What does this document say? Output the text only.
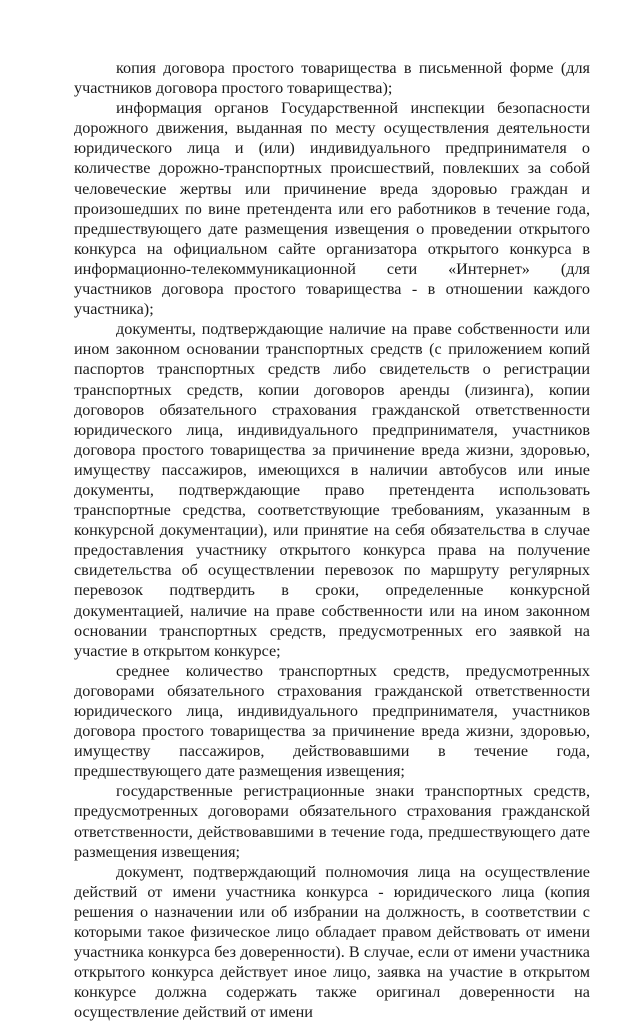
копия договора простого товарищества в письменной форме (для участников договора простого товарищества);

информация органов Государственной инспекции безопасности дорожного движения, выданная по месту осуществления деятельности юридического лица и (или) индивидуального предпринимателя о количестве дорожно-транспортных происшествий, повлекших за собой человеческие жертвы или причинение вреда здоровью граждан и произошедших по вине претендента или его работников в течение года, предшествующего дате размещения извещения о проведении открытого конкурса на официальном сайте организатора открытого конкурса в информационно-телекоммуникационной сети «Интернет» (для участников договора простого товарищества - в отношении каждого участника);

документы, подтверждающие наличие на праве собственности или ином законном основании транспортных средств (с приложением копий паспортов транспортных средств либо свидетельств о регистрации транспортных средств, копии договоров аренды (лизинга), копии договоров обязательного страхования гражданской ответственности юридического лица, индивидуального предпринимателя, участников договора простого товарищества за причинение вреда жизни, здоровью, имуществу пассажиров, имеющихся в наличии автобусов или иные документы, подтверждающие право претендента использовать транспортные средства, соответствующие требованиям, указанным в конкурсной документации), или принятие на себя обязательства в случае предоставления участнику открытого конкурса права на получение свидетельства об осуществлении перевозок по маршруту регулярных перевозок подтвердить в сроки, определенные конкурсной документацией, наличие на праве собственности или на ином законном основании транспортных средств, предусмотренных его заявкой на участие в открытом конкурсе;

среднее количество транспортных средств, предусмотренных договорами обязательного страхования гражданской ответственности юридического лица, индивидуального предпринимателя, участников договора простого товарищества за причинение вреда жизни, здоровью, имуществу пассажиров, действовавшими в течение года, предшествующего дате размещения извещения;

государственные регистрационные знаки транспортных средств, предусмотренных договорами обязательного страхования гражданской ответственности, действовавшими в течение года, предшествующего дате размещения извещения;

документ, подтверждающий полномочия лица на осуществление действий от имени участника конкурса - юридического лица (копия решения о назначении или об избрании на должность, в соответствии с которыми такое физическое лицо обладает правом действовать от имени участника конкурса без доверенности). В случае, если от имени участника открытого конкурса действует иное лицо, заявка на участие в открытом конкурсе должна содержать также оригинал доверенности на осуществление действий от имени
